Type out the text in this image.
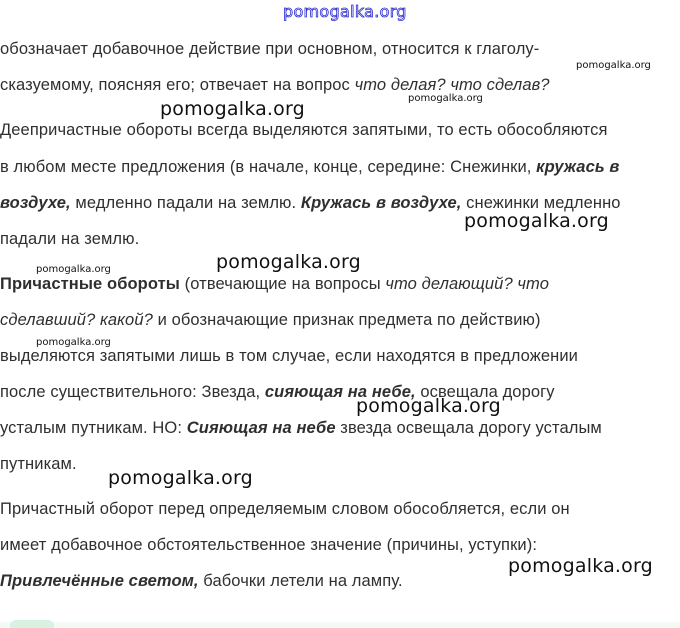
pomogalka.org
обозначает добавочное действие при основном, относится к глаголу-
сказуемому, поясняя его; отвечает на вопрос что делая? что сделав?
Деепричастные обороты всегда выделяются запятыми, то есть обособляются
в любом месте предложения (в начале, конце, середине: Снежинки, кружась в
воздухе, медленно падали на землю. Кружась в воздухе, снежинки медленно
падали на землю.
Причастные обороты (отвечающие на вопросы что делающий? что
сделавший? какой? и обозначающие признак предмета по действию)
выделяются запятыми лишь в том случае, если находятся в предложении
после существительного: Звезда, сияющая на небе, освещала дорогу
усталым путникам. НО: Сияющая на небе звезда освещала дорогу усталым
путникам.
Причастный оборот перед определяемым словом обособляется, если он
имеет добавочное обстоятельственное значение (причины, уступки):
Привлечённые светом, бабочки летели на лампу.
pomogalka.org
pomogalka.org
pomogalka.org
pomogalka.org
pomogalka.org
pomogalka.org
pomogalka.org
pomogalka.org
pomogalka.org
pomogalka.org
